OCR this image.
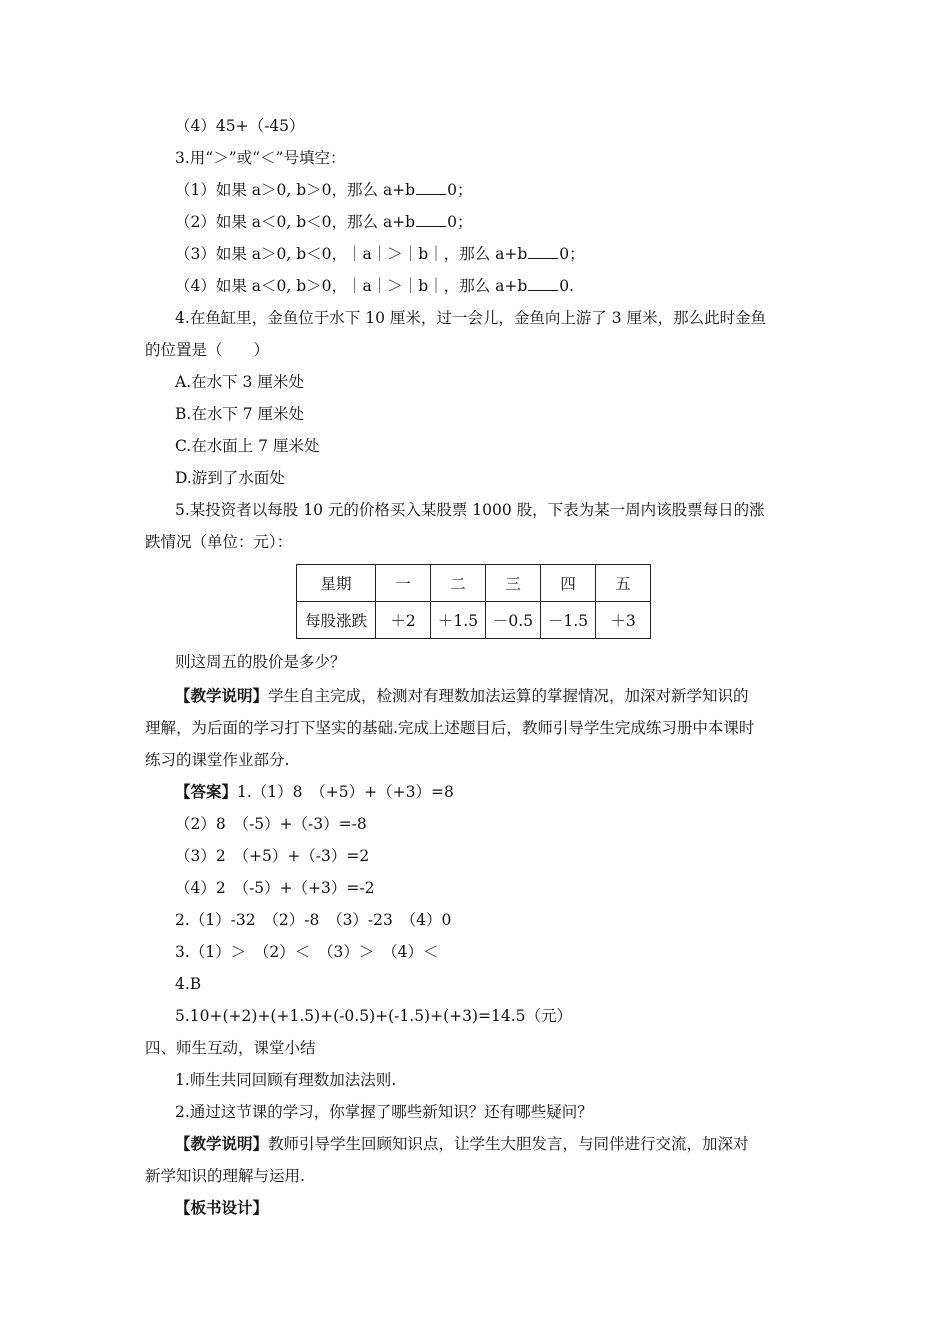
（4）45+（-45）
3.用“＞”或“＜”号填空：
（1）如果 a＞0, b＞0，那么 a+b 0；
（2）如果 a＜0, b＜0，那么 a+b 0；
（3）如果 a＞0, b＜0，｜a｜＞｜b｜，那么 a+b 0；
（4）如果 a＜0, b＞0，｜a｜＞｜b｜，那么 a+b 0.
4.在鱼缸里，金鱼位于水下 10 厘米，过一会儿，金鱼向上游了 3 厘米，那么此时金鱼
的位置是（　　）
A.在水下 3 厘米处
B.在水下 7 厘米处
C.在水面上 7 厘米处
D.游到了水面处
5.某投资者以每股 10 元的价格买入某股票 1000 股，下表为某一周内该股票每日的涨
跌情况（单位：元）：
星期	一	二	三	四	五
每股涨跌	＋2	＋1.5	－0.5	－1.5	＋3
则这周五的股价是多少？
【教学说明】学生自主完成，检测对有理数加法运算的掌握情况，加深对新学知识的
理解，为后面的学习打下坚实的基础.完成上述题目后，教师引导学生完成练习册中本课时
练习的课堂作业部分.
【答案】1.（1）8　（+5）+（+3）=8
（2）8　（-5）+（-3）=-8
（3）2　（+5）+（-3）=2
（4）2　（-5）+（+3）=-2
2.（1）-32　（2）-8　（3）-23　（4）0
3.（1）＞　（2）＜　（3）＞　（4）＜
4.B
5.10+(+2)+(+1.5)+(-0.5)+(-1.5)+(+3)=14.5（元）
四、师生互动，课堂小结
1.师生共同回顾有理数加法法则.
2.通过这节课的学习，你掌握了哪些新知识？还有哪些疑问？
【教学说明】教师引导学生回顾知识点，让学生大胆发言，与同伴进行交流，加深对
新学知识的理解与运用.
【板书设计】
